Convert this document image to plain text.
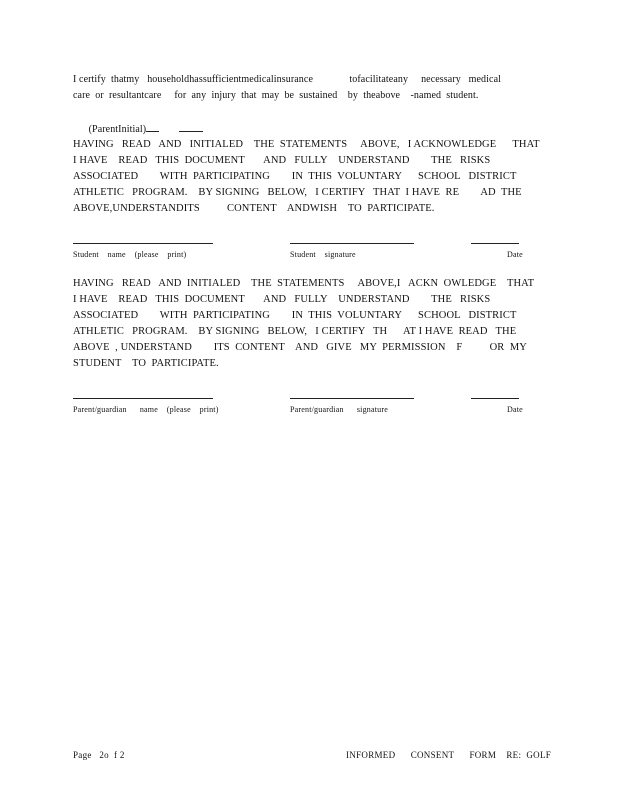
I certify  thatmy   householdhassufficientmedicalinsurance              tofacilitateany     necessary   medical
care  or  resultantcare     for  any  injury  that  may  be  sustained    by  theabove    -named  student.

(ParentInitial)

HAVING   READ   AND   INITIALED    THE  STATEMENTS     ABOVE,   I ACKNOWLEDGE      THAT
I HAVE    READ   THIS  DOCUMENT       AND   FULLY    UNDERSTAND        THE   RISKS
ASSOCIATED        WITH  PARTICIPATING        IN  THIS  VOLUNTARY      SCHOOL   DISTRICT
ATHLETIC   PROGRAM.    BY SIGNING   BELOW,   I CERTIFY   THAT  I HAVE  RE        AD  THE
ABOVE,UNDERSTANDITS          CONTENT    ANDWISH    TO  PARTICIPATE.
Student    name    (please    print)	Student    signature	Date
HAVING   READ   AND  INITIALED    THE  STATEMENTS     ABOVE,I   ACKN  OWLEDGE    THAT
I HAVE    READ   THIS  DOCUMENT       AND   FULLY    UNDERSTAND        THE   RISKS
ASSOCIATED        WITH  PARTICIPATING        IN  THIS  VOLUNTARY      SCHOOL   DISTRICT
ATHLETIC   PROGRAM.    BY SIGNING   BELOW,   I CERTIFY   TH      AT I HAVE  READ   THE
ABOVE  , UNDERSTAND        ITS  CONTENT    AND   GIVE   MY  PERMISSION    F          OR  MY
STUDENT    TO  PARTICIPATE.
Parent/guardian      name    (please    print)	Parent/guardian      signature	Date
Page   2o  f 2	INFORMED      CONSENT      FORM    RE:  GOLF
